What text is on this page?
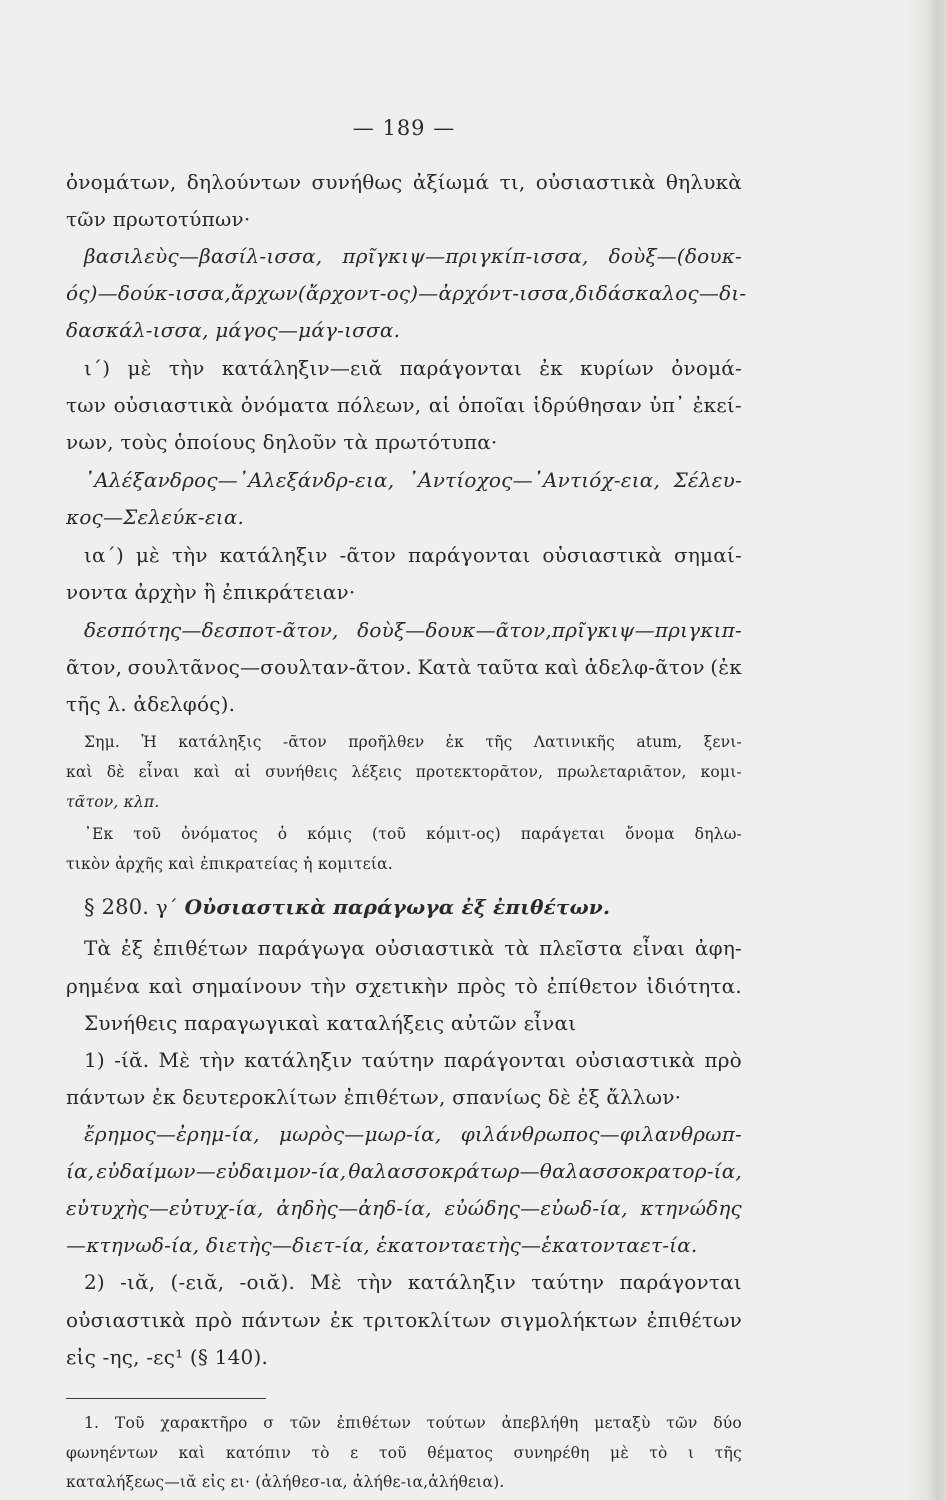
— 189 —
ὀνομάτων, δηλούντων συνήθως ἀξίωμά τι, οὐσιαστικὰ θηλυκὰ
τῶν πρωτοτύπων·
βασιλεὺς—βασίλ-ισσα, πρῖγκιψ—πριγκίπ-ισσα, δοὺξ—(δουκ-
ός)—δούκ-ισσα, ἄρχων ( ἄρχοντ-ος)—ἀρχόντ-ισσα, διδάσκαλος—δι-
δασκάλ-ισσα, μάγος—μάγ-ισσα.
ι΄) μὲ τὴν κατάληξιν—ειᾰ παράγονται ἐκ κυρίων ὀνομά-
των οὐσιαστικὰ ὀνόματα πόλεων, αἱ ὁποῖαι ἱδρύθησαν ὑπ᾽ ἐκεί-
νων, τοὺς ὁποίους δηλοῦν τὰ πρωτότυπα·
᾽Αλέξανδρος—᾽Αλεξάνδρ-εια, ᾽Αντίοχος—᾽Αντιόχ-εια, Σέλευ-
κος—Σελεύκ-εια.
ια΄) μὲ τὴν κατάληξιν -ᾶτον παράγονται οὐσιαστικὰ σημαί-
νοντα ἀρχὴν ἢ ἐπικράτειαν·
δεσπότης—δεσποτ-ᾶτον, δοὺξ—δουκ—ᾶτον,πρῖγκιψ—πριγκιπ-
ᾶτον, σουλτᾶνος—σουλταν-ᾶτον. Κατὰ ταῦτα καὶ ἀδελφ-ᾶτον (ἐκ
τῆς λ. ἀδελφός).
Σημ. Ἡ κατάληξις -ᾶτον προῆλθεν ἐκ τῆς Λατινικῆς atum, ξενι-
καὶ δὲ εἶναι καὶ αἱ συνήθεις λέξεις προτεκτορᾶτον, πρωλεταριᾶτον, κομι-
τᾶτον, κλπ.
᾽Εκ τοῦ ὀνόματος ὁ κόμις (τοῦ κόμιτ-ος) παράγεται ὄνομα δηλω-
τικὸν ἀρχῆς καὶ ἐπικρατείας ἡ κομιτεία.
§ 280. γ΄ Οὐσιαστικὰ παράγωγα ἐξ ἐπιθέτων.
Τὰ ἐξ ἐπιθέτων παράγωγα οὐσιαστικὰ τὰ πλεῖστα εἶναι ἀφη-
ρημένα καὶ σημαίνουν τὴν σχετικὴν πρὸς τὸ ἐπίθετον ἰδιότητα.
Συνήθεις παραγωγικαὶ καταλήξεις αὐτῶν εἶναι
1) -ίᾰ. Μὲ τὴν κατάληξιν ταύτην παράγονται οὐσιαστικὰ πρὸ
πάντων ἐκ δευτεροκλίτων ἐπιθέτων, σπανίως δὲ ἐξ ἄλλων·
ἔρημος—ἐρημ-ία, μωρὸς—μωρ-ία, φιλάνθρωπος—φιλανθρωπ-
ία, εὐδαίμων—εὐδαιμον-ία, θαλασσοκράτωρ—θαλασσοκρατορ-ία,
εὐτυχὴς—εὐτυχ-ία, ἀηδὴς—ἀηδ-ία, εὐώδης—εὐωδ-ία, κτηνώδης
—κτηνωδ-ία, διετὴς—διετ-ία, ἑκατονταετὴς—ἑκατονταετ-ία.
2) -ιᾰ, (-ειᾰ, -οιᾰ). Μὲ τὴν κατάληξιν ταύτην παράγονται
οὐσιαστικὰ πρὸ πάντων ἐκ τριτοκλίτων σιγμολήκτων ἐπιθέτων
εἰς -ης, -ες¹ (§ 140).
1. Τοῦ χαρακτῆρο σ τῶν ἐπιθέτων τούτων ἀπεβλήθη μεταξὺ τῶν δύο
φωνηέντων καὶ κατόπιν τὸ ε τοῦ θέματος συνηρέθη μὲ τὸ ι τῆς
καταλήξεως—ιᾰ εἰς ει· (ἀλήθεσ-ια, ἀλήθε-ια,ἀλήθεια).
